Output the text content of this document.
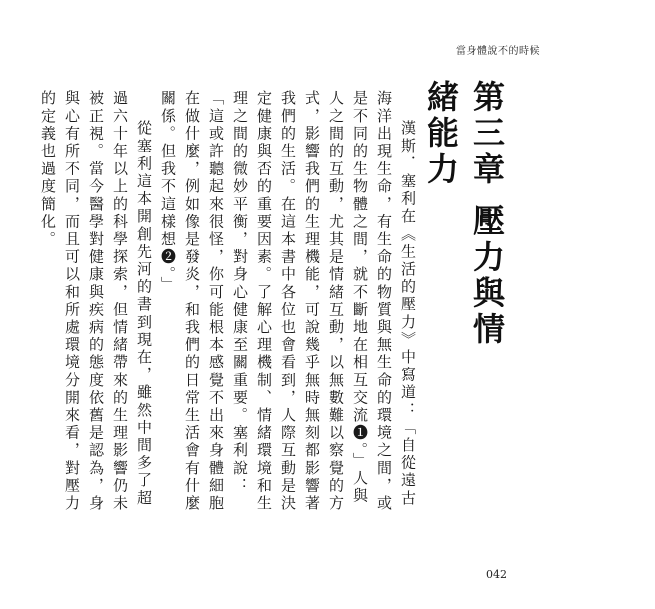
當身體說不的時候
第三章壓力與情緒能力

漢斯．塞利在《生活的壓力》中寫道：「自從遠古海洋出現生命，有生命的物質與無生命的環境之間，或是不同的生物體之間，就不斷地在相互交流❶。」人與人之間的互動，尤其是情緒互動，以無數難以察覺的方式，影響我們的生理機能，可說幾乎無時無刻都影響著我們的生活。在這本書中各位也會看到，人際互動是決定健康與否的重要因素。了解心理機制、情緒環境和生理之間的微妙平衡，對身心健康至關重要。塞利說：「這或許聽起來很怪，你可能根本感覺不出來身體細胞在做什麼，例如像是發炎，和我們的日常生活會有什麼關係。但我不這樣想❷。」

從塞利這本開創先河的書到現在，雖然中間多了超過六十年以上的科學探索，但情緒帶來的生理影響仍未被正視。當今醫學對健康與疾病的態度依舊是認為，身與心有所不同，而且可以和所處環境分開來看，對壓力的定義也過度簡化。

042
